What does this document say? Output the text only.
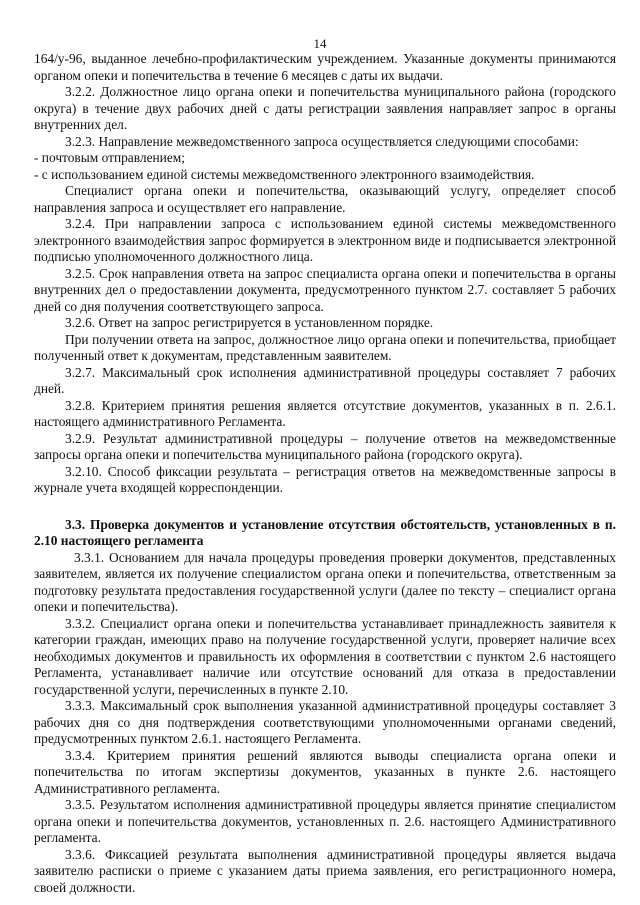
14

164/у-96, выданное лечебно-профилактическим учреждением. Указанные документы принимаются органом опеки и попечительства в течение 6 месяцев с даты их выдачи.

3.2.2. Должностное лицо органа опеки и попечительства муниципального района (городского округа) в течение двух рабочих дней с даты регистрации заявления направляет запрос в органы внутренних дел.

3.2.3. Направление межведомственного запроса осуществляется следующими способами:

- почтовым отправлением;

- с использованием единой системы межведомственного электронного взаимодействия.

Специалист органа опеки и попечительства, оказывающий услугу, определяет способ направления запроса и осуществляет его направление.

3.2.4. При направлении запроса с использованием единой системы межведомственного электронного взаимодействия запрос формируется в электронном виде и подписывается электронной подписью уполномоченного должностного лица.

3.2.5. Срок направления ответа на запрос специалиста органа опеки и попечительства в органы внутренних дел о предоставлении документа, предусмотренного пунктом 2.7. составляет 5 рабочих дней со дня получения соответствующего запроса.

3.2.6. Ответ на запрос регистрируется в установленном порядке.

При получении ответа на запрос, должностное лицо органа опеки и попечительства, приобщает полученный ответ к документам, представленным заявителем.

3.2.7. Максимальный срок исполнения административной процедуры составляет 7 рабочих дней.

3.2.8. Критерием принятия решения является отсутствие документов, указанных в п. 2.6.1. настоящего административного Регламента.

3.2.9. Результат административной процедуры – получение ответов на межведомственные запросы органа опеки и попечительства муниципального района (городского округа).

3.2.10. Способ фиксации результата – регистрация ответов на межведомственные запросы в журнале учета входящей корреспонденции.

3.3. Проверка документов и установление отсутствия обстоятельств, установленных в п. 2.10 настоящего регламента

3.3.1. Основанием для начала процедуры проведения проверки документов, представленных заявителем, является их получение специалистом органа опеки и попечительства, ответственным за подготовку результата предоставления государственной услуги (далее по тексту – специалист органа опеки и попечительства).

3.3.2. Специалист органа опеки и попечительства устанавливает принадлежность заявителя к категории граждан, имеющих право на получение государственной услуги, проверяет наличие всех необходимых документов и правильность их оформления в соответствии с пунктом 2.6 настоящего Регламента, устанавливает наличие или отсутствие оснований для отказа в предоставлении государственной услуги, перечисленных в пункте 2.10.

3.3.3. Максимальный срок выполнения указанной административной процедуры составляет 3 рабочих дня со дня подтверждения соответствующими уполномоченными органами сведений, предусмотренных пунктом 2.6.1. настоящего Регламента.

3.3.4. Критерием принятия решений являются выводы специалиста органа опеки и попечительства по итогам экспертизы документов, указанных в пункте 2.6. настоящего Административного регламента.

3.3.5. Результатом исполнения административной процедуры является принятие специалистом органа опеки и попечительства документов, установленных п. 2.6. настоящего Административного регламента.

3.3.6. Фиксацией результата выполнения административной процедуры является выдача заявителю расписки о приеме с указанием даты приема заявления, его регистрационного номера, своей должности.
